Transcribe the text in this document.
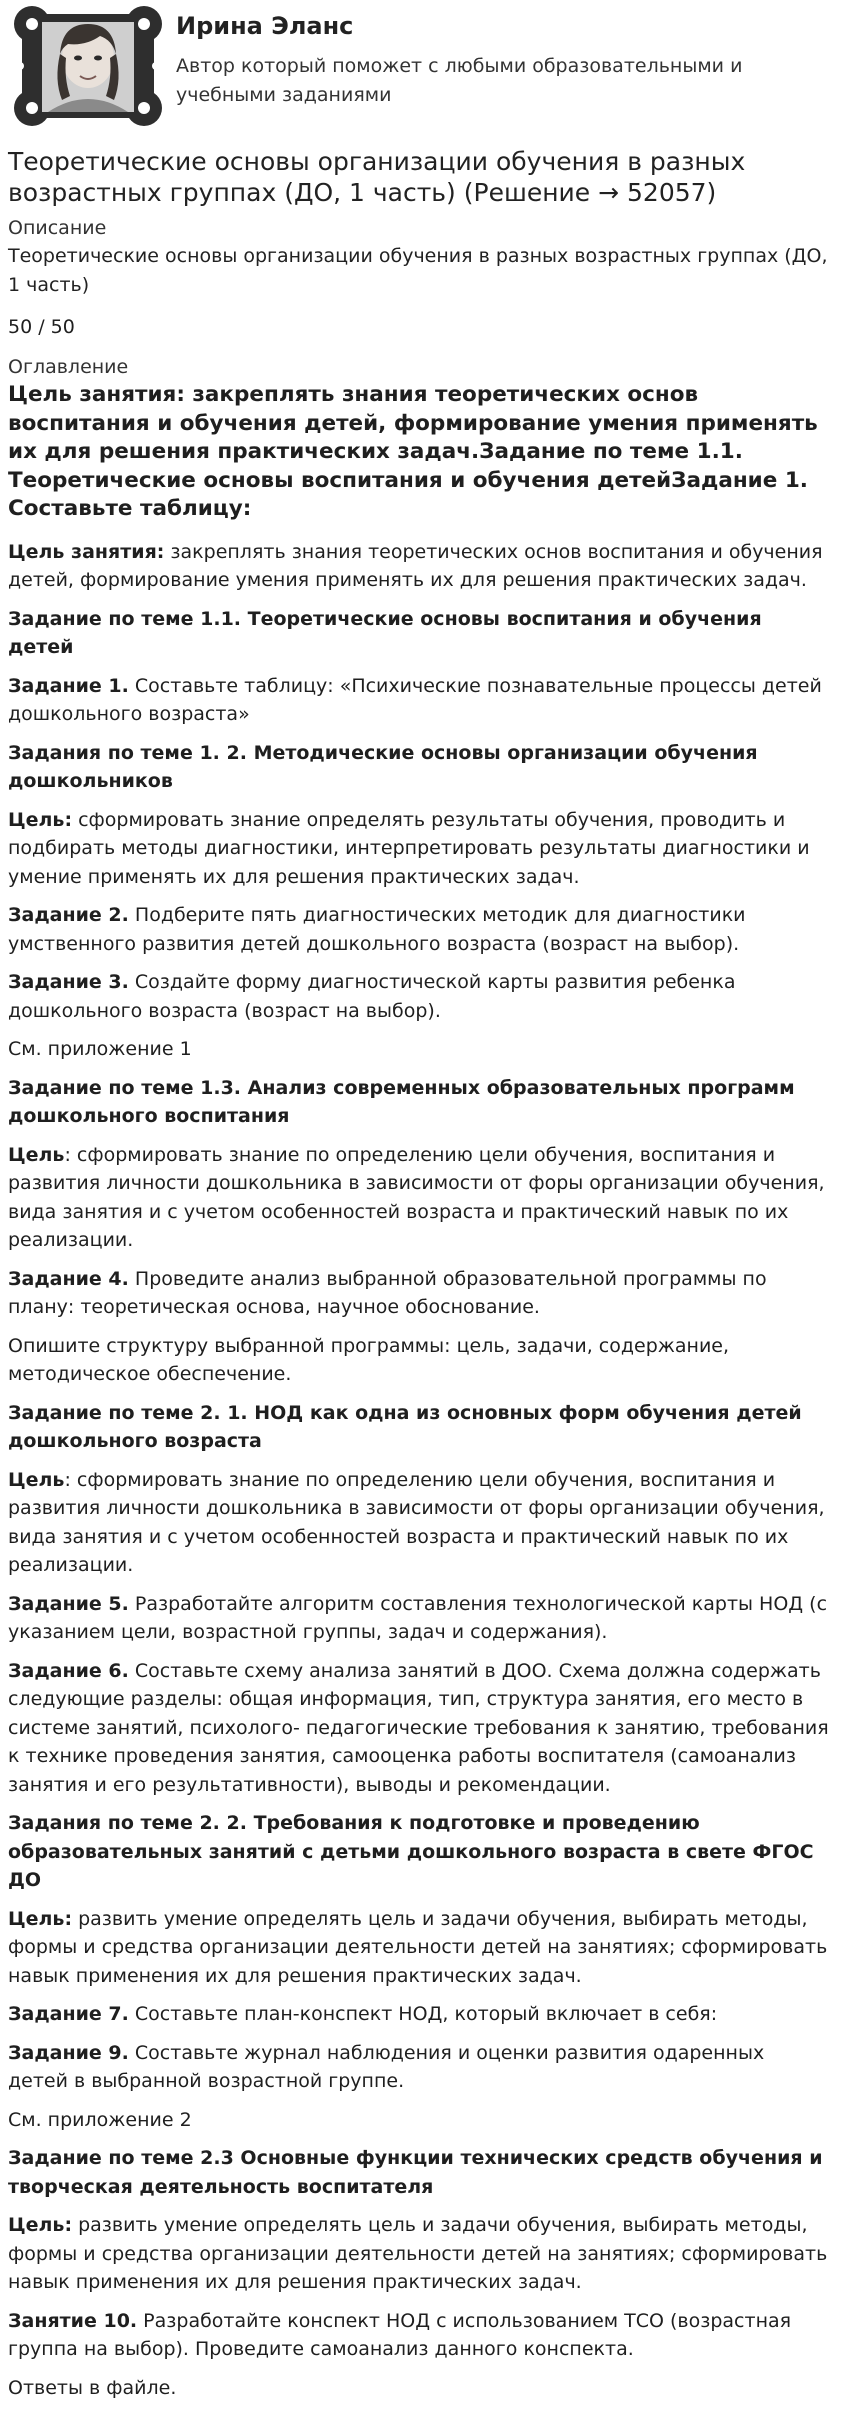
Ирина Эланс
Автор который поможет с любыми образовательными и учебными заданиями
Теоретические основы организации обучения в разных возрастных группах (ДО, 1 часть) (Решение → 52057)
Описание
Теоретические основы организации обучения в разных возрастных группах (ДО, 1 часть)
50 / 50
Оглавление
Цель занятия: закреплять знания теоретических основ воспитания и обучения детей, формирование умения применять их для решения практических задач.Задание по теме 1.1. Теоретические основы воспитания и обучения детейЗадание 1. Составьте таблицу:
Цель занятия: закреплять знания теоретических основ воспитания и обучения детей, формирование умения применять их для решения практических задач.
Задание по теме 1.1. Теоретические основы воспитания и обучения детей
Задание 1. Составьте таблицу: «Психические познавательные процессы детей дошкольного возраста»
Задания по теме 1. 2. Методические основы организации обучения дошкольников
Цель: сформировать знание определять результаты обучения, проводить и подбирать методы диагностики, интерпретировать результаты диагностики и умение применять их для решения практических задач.
Задание 2. Подберите пять диагностических методик для диагностики умственного развития детей дошкольного возраста (возраст на выбор).
Задание 3. Создайте форму диагностической карты развития ребенка дошкольного возраста (возраст на выбор).
См. приложение 1
Задание по теме 1.3. Анализ современных образовательных программ дошкольного воспитания
Цель: сформировать знание по определению цели обучения, воспитания и развития личности дошкольника в зависимости от форы организации обучения, вида занятия и с учетом особенностей возраста и практический навык по их реализации.
Задание 4. Проведите анализ выбранной образовательной программы по плану: теоретическая основа, научное обоснование.
Опишите структуру выбранной программы: цель, задачи, содержание, методическое обеспечение.
Задание по теме 2. 1. НОД как одна из основных форм обучения детей дошкольного возраста
Цель: сформировать знание по определению цели обучения, воспитания и развития личности дошкольника в зависимости от форы организации обучения, вида занятия и с учетом особенностей возраста и практический навык по их реализации.
Задание 5. Разработайте алгоритм составления технологической карты НОД (с указанием цели, возрастной группы, задач и содержания).
Задание 6. Составьте схему анализа занятий в ДОО. Схема должна содержать следующие разделы: общая информация, тип, структура занятия, его место в системе занятий, психолого- педагогические требования к занятию, требования к технике проведения занятия, самооценка работы воспитателя (самоанализ занятия и его результативности), выводы и рекомендации.
Задания по теме 2. 2. Требования к подготовке и проведению образовательных занятий с детьми дошкольного возраста в свете ФГОС ДО
Цель: развить умение определять цель и задачи обучения, выбирать методы, формы и средства организации деятельности детей на занятиях; сформировать навык применения их для решения практических задач.
Задание 7. Составьте план-конспект НОД, который включает в себя:
Задание 9. Составьте журнал наблюдения и оценки развития одаренных детей в выбранной возрастной группе.
См. приложение 2
Задание по теме 2.3 Основные функции технических средств обучения и творческая деятельность воспитателя
Цель: развить умение определять цель и задачи обучения, выбирать методы, формы и средства организации деятельности детей на занятиях; сформировать навык применения их для решения практических задач.
Занятие 10. Разработайте конспект НОД с использованием ТСО (возрастная группа на выбор). Проведите самоанализ данного конспекта.
Ответы в файле.
